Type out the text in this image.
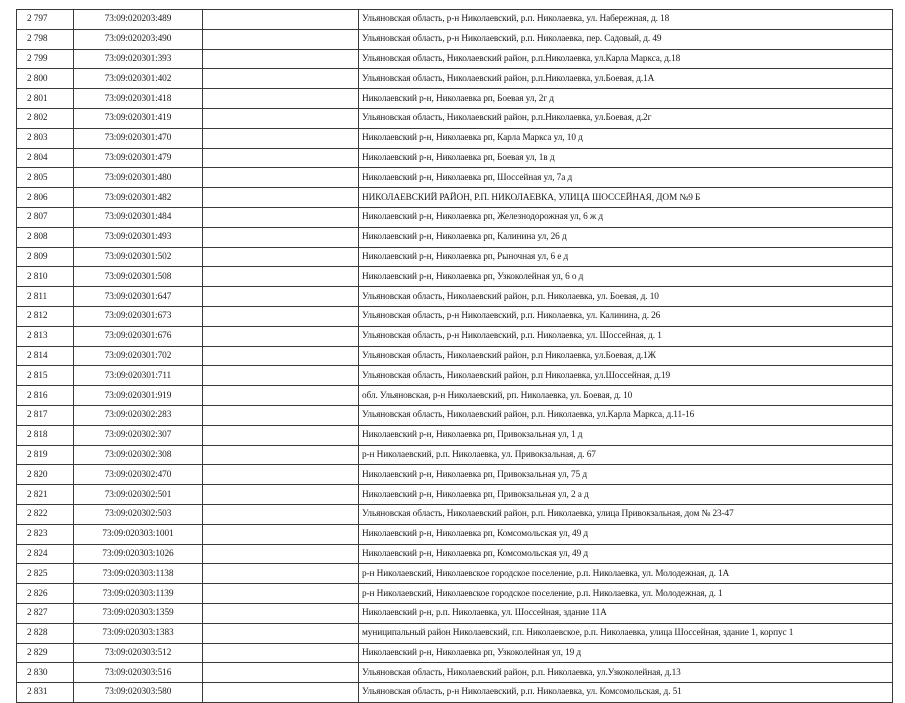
2 797	73:09:020203:489		Ульяновская область, р-н Николаевский, р.п. Николаевка, ул. Набережная, д. 18
2 798	73:09:020203:490		Ульяновская область, р-н Николаевский, р.п. Николаевка, пер. Садовый, д. 49
2 799	73:09:020301:393		Ульяновская область, Николаевский район, р.п.Николаевка, ул.Карла Маркса, д.18
2 800	73:09:020301:402		Ульяновская область, Николаевский район, р.п.Николаевка, ул.Боевая, д.1А
2 801	73:09:020301:418		Николаевский р-н, Николаевка рп, Боевая ул, 2г д
2 802	73:09:020301:419		Ульяновская область, Николаевский район, р.п.Николаевка, ул.Боевая, д.2г
2 803	73:09:020301:470		Николаевский р-н, Николаевка рп, Карла Маркса ул, 10 д
2 804	73:09:020301:479		Николаевский р-н, Николаевка рп, Боевая ул, 1в д
2 805	73:09:020301:480		Николаевский р-н, Николаевка рп, Шоссейная ул, 7а д
2 806	73:09:020301:482		НИКОЛАЕВСКИЙ РАЙОН, Р.П. НИКОЛАЕВКА, УЛИЦА ШОССЕЙНАЯ, ДОМ №9 Б
2 807	73:09:020301:484		Николаевский р-н, Николаевка рп, Железнодорожная ул, 6 ж д
2 808	73:09:020301:493		Николаевский р-н, Николаевка рп, Калинина ул, 26 д
2 809	73:09:020301:502		Николаевский р-н, Николаевка рп, Рыночная ул, 6 е д
2 810	73:09:020301:508		Николаевский р-н, Николаевка рп, Узкоколейная ул, 6 о д
2 811	73:09:020301:647		Ульяновская область, Николаевский район, р.п. Николаевка, ул. Боевая, д. 10
2 812	73:09:020301:673		Ульяновская область, р-н Николаевский, р.п. Николаевка, ул. Калинина, д. 26
2 813	73:09:020301:676		Ульяновская область, р-н Николаевский, р.п. Николаевка, ул. Шоссейная, д. 1
2 814	73:09:020301:702		Ульяновская область, Николаевский район, р.п Николаевка, ул.Боевая, д.1Ж
2 815	73:09:020301:711		Ульяновская область, Николаевский район, р.п Николаевка, ул.Шоссейная, д.19
2 816	73:09:020301:919		обл. Ульяновская, р-н Николаевский, рп. Николаевка, ул. Боевая, д. 10
2 817	73:09:020302:283		Ульяновская область, Николаевский район, р.п. Николаевка, ул.Карла Маркса, д.11-16
2 818	73:09:020302:307		Николаевский р-н, Николаевка рп, Привокзальная ул, 1 д
2 819	73:09:020302:308		р-н Николаевский, р.п. Николаевка, ул. Привокзальная, д. 67
2 820	73:09:020302:470		Николаевский р-н, Николаевка рп, Привокзальная ул, 75 д
2 821	73:09:020302:501		Николаевский р-н, Николаевка рп, Привокзальная ул, 2 а д
2 822	73:09:020302:503		Ульяновская область, Николаевский район, р.п. Николаевка, улица Привокзальная, дом № 23-47
2 823	73:09:020303:1001		Николаевский р-н, Николаевка рп, Комсомольская ул, 49 д
2 824	73:09:020303:1026		Николаевский р-н, Николаевка рп, Комсомольская ул, 49 д
2 825	73:09:020303:1138		р-н Николаевский, Николаевское городское поселение, р.п. Николаевка, ул. Молодежная, д. 1А
2 826	73:09:020303:1139		р-н Николаевский, Николаевское городское поселение, р.п. Николаевка, ул. Молодежная, д. 1
2 827	73:09:020303:1359		Николаевский р-н, р.п. Николаевка, ул. Шоссейная, здание 11А
2 828	73:09:020303:1383		муниципальный район Николаевский, г.п. Николаевское, р.п. Николаевка, улица Шоссейная, здание 1, корпус 1
2 829	73:09:020303:512		Николаевский р-н, Николаевка рп, Узкоколейная ул, 19 д
2 830	73:09:020303:516		Ульяновская область, Николаевский район, р.п. Николаевка, ул.Узкоколейная, д.13
2 831	73:09:020303:580		Ульяновская область, р-н Николаевский, р.п. Николаевка, ул. Комсомольская, д. 51
